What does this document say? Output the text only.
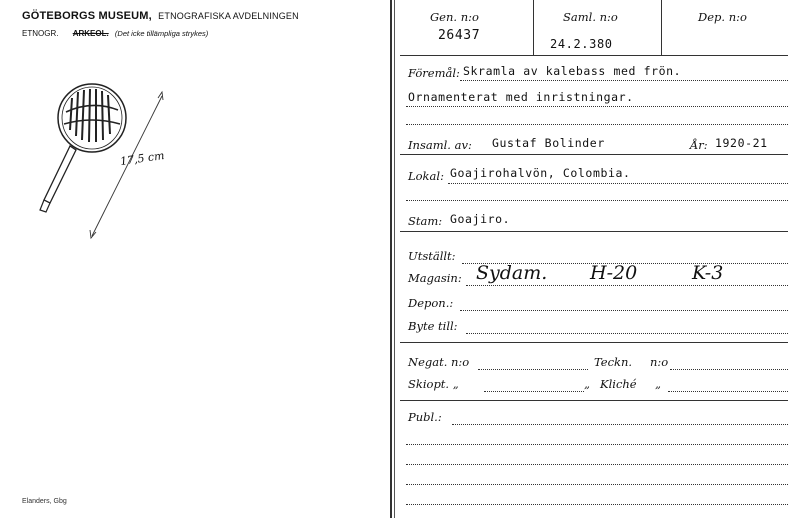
GÖTEBORGS MUSEUM, ETNOGRAFISKA AVDELNINGEN
ETNOGR. ARKEOL. (Det icke tillämpliga strykes)
17,5 cm
Elanders, Gbg
Gen. n:o
26437
Saml. n:o
24.2.380
Dep. n:o
Föremål: Skramla av kalebass med frön.
Ornamenterat med inristningar.
Insaml. av: Gustaf Bolinder	År: 1920-21
Lokal: Goajirohalvön, Colombia.
Stam: Goajiro.
Utställt:
Magasin: Sydam. H-20	K-3
Depon.:
Byte till:
Negat. n:o	Teckn. n:o
Skiopt. „	„ Kliché „
Publ.:
